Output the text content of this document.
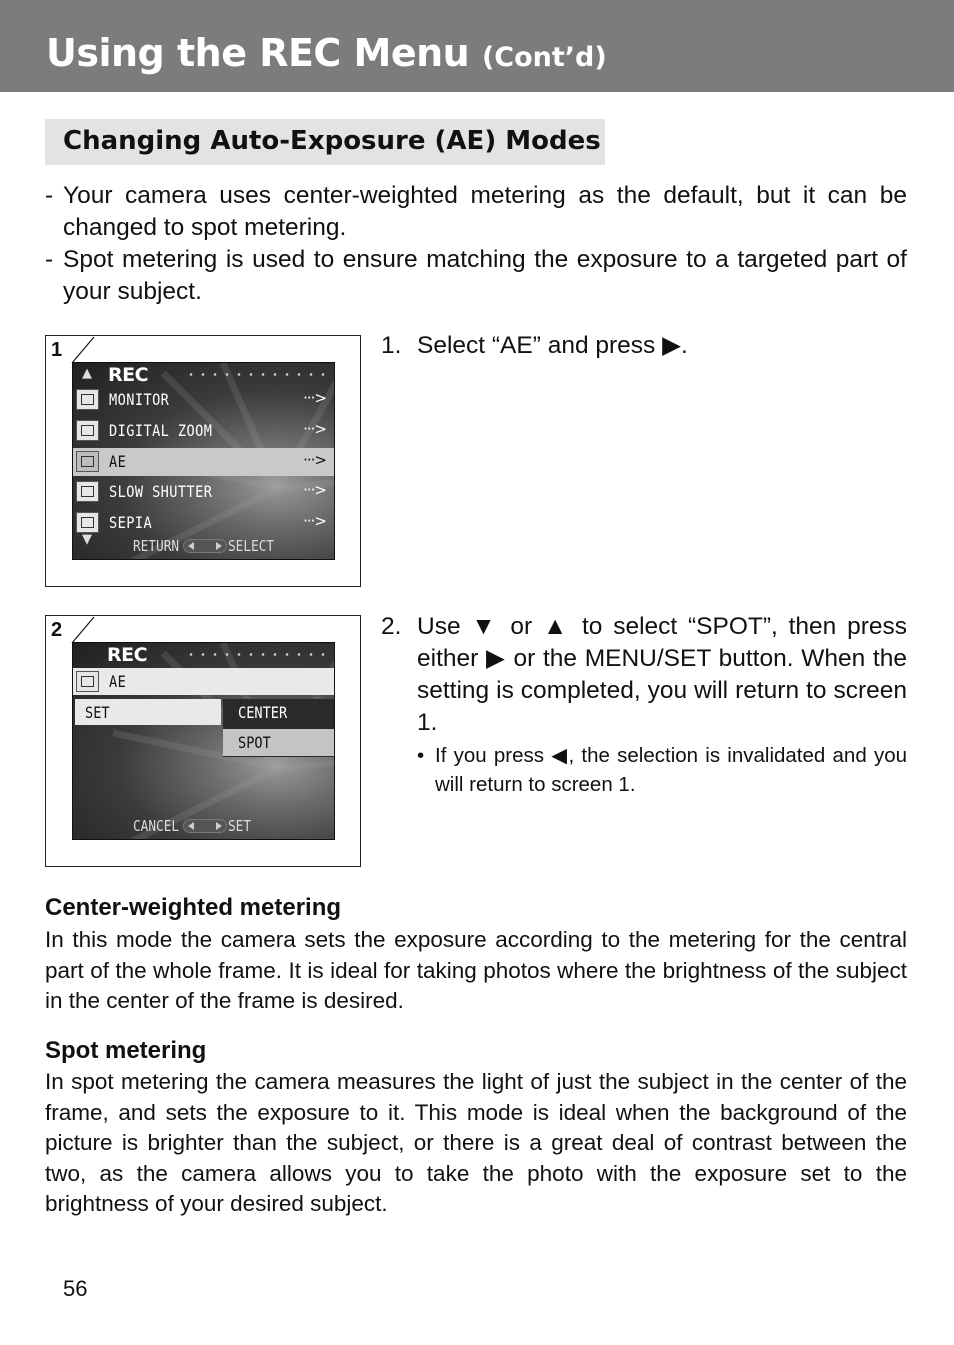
Using the REC Menu (Cont’d)
Changing Auto-Exposure (AE) Modes
- Your camera uses center-weighted metering as the default, but it can be changed to spot metering.
- Spot metering is used to ensure matching the exposure to a targeted part of your subject.
1
▲ REC
MONITOR	···>
DIGITAL ZOOM	···>
AE	···>
SLOW SHUTTER	···>
SEPIA	···>
▼	RETURN	SELECT
1. Select “AE” and press ▶.
2
REC
AE
SET	CENTER
SPOT
CANCEL	SET
2. Use ▼ or ▲ to select “SPOT”, then press either ▶ or the MENU/SET button. When the setting is completed, you will return to screen 1.
• If you press ◀, the selection is invalidated and you will return to screen 1.
Center-weighted metering
In this mode the camera sets the exposure according to the metering for the central part of the whole frame. It is ideal for taking photos where the brightness of the subject in the center of the frame is desired.
Spot metering
In spot metering the camera measures the light of just the subject in the center of the frame, and sets the exposure to it. This mode is ideal when the background of the picture is brighter than the subject, or there is a great deal of contrast between the two, as the camera allows you to take the photo with the exposure set to the brightness of your desired subject.
56
